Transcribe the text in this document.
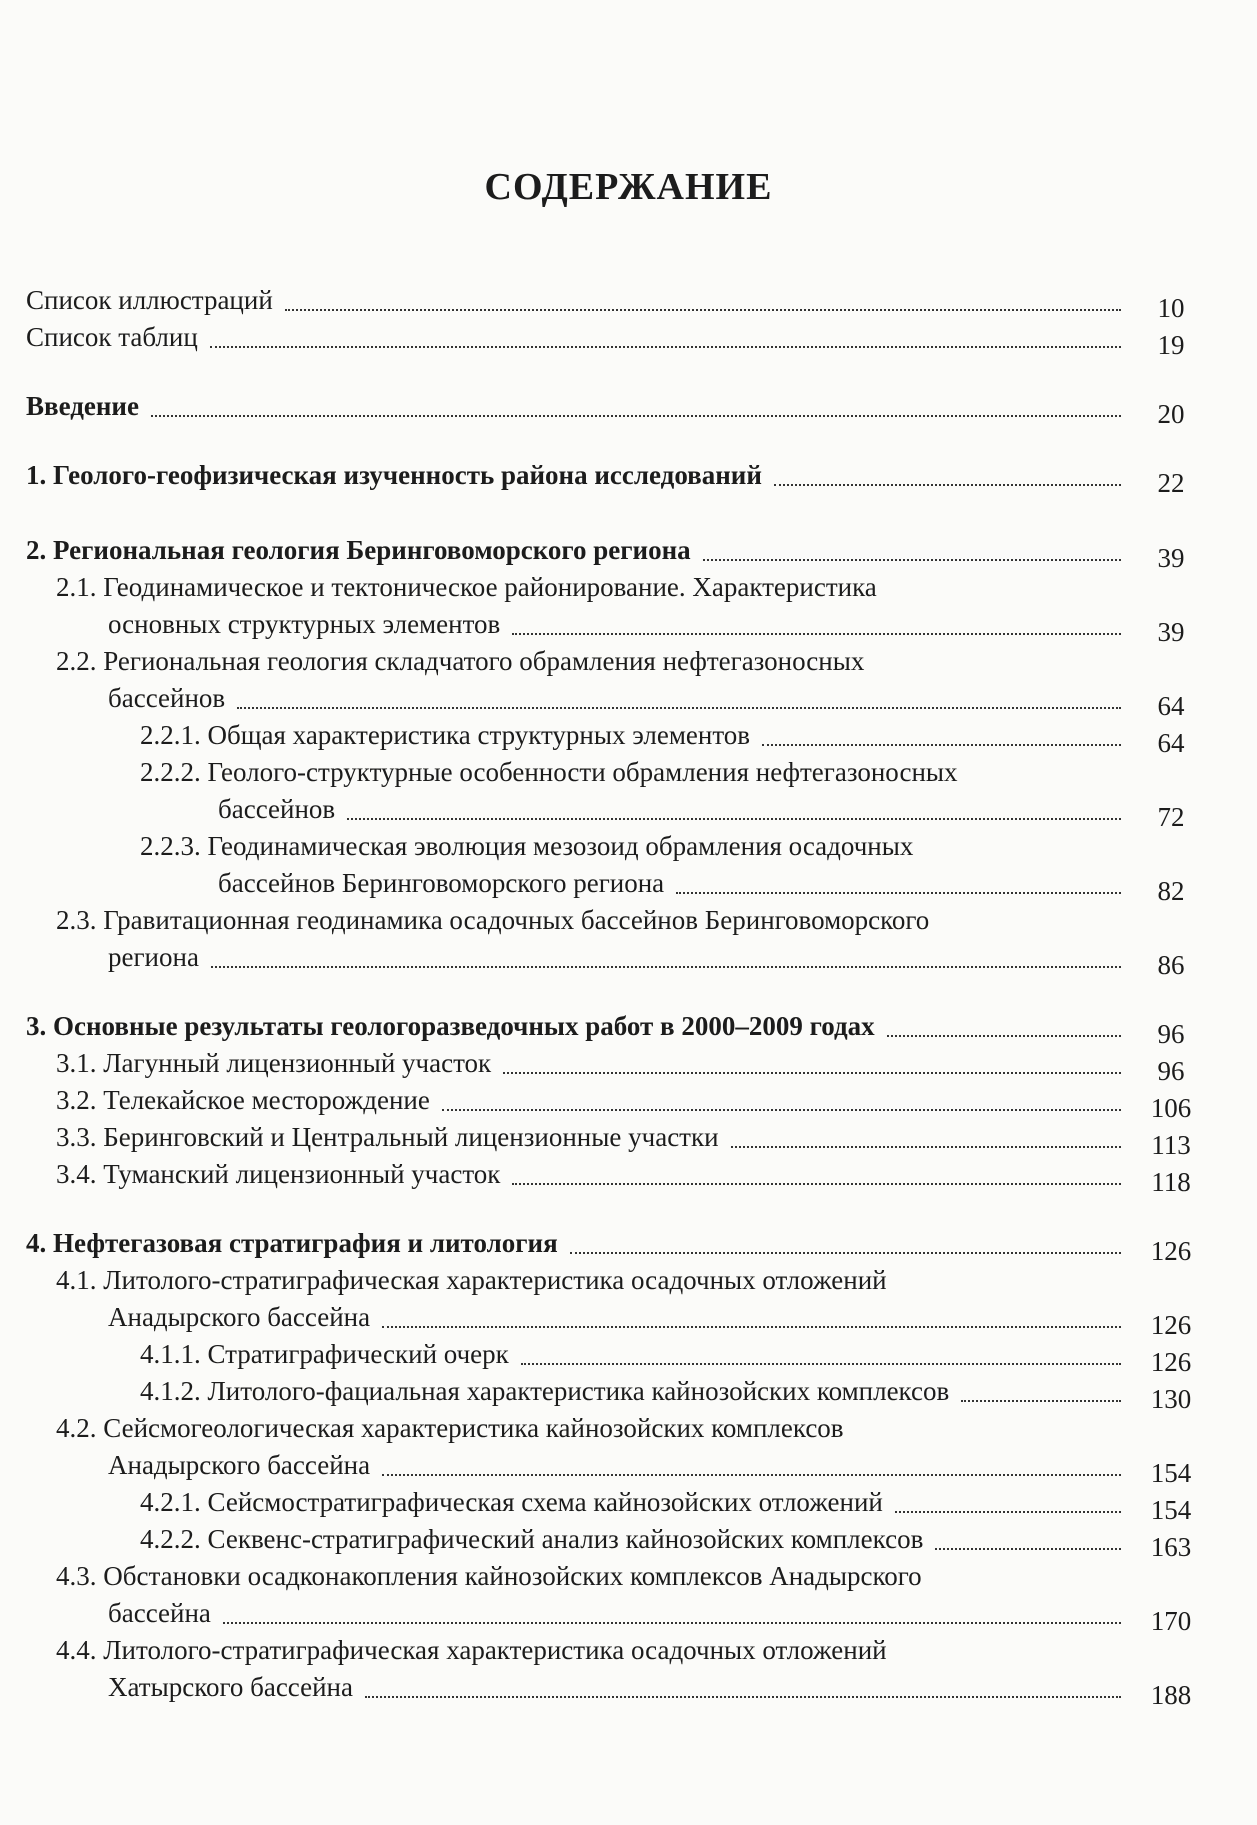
СОДЕРЖАНИЕ
Список иллюстраций	10
Список таблиц	19
Введение	20
1. Геолого-геофизическая изученность района исследований	22
2. Региональная геология Беринговоморского региона	39
2.1. Геодинамическое и тектоническое районирование. Характеристика
основных структурных элементов	39
2.2. Региональная геология складчатого обрамления нефтегазоносных
бассейнов	64
2.2.1. Общая характеристика структурных элементов	64
2.2.2. Геолого-структурные особенности обрамления нефтегазоносных
бассейнов	72
2.2.3. Геодинамическая эволюция мезозоид обрамления осадочных
бассейнов Беринговоморского региона	82
2.3. Гравитационная геодинамика осадочных бассейнов Беринговоморского
региона	86
3. Основные результаты геологоразведочных работ в 2000–2009 годах	96
3.1. Лагунный лицензионный участок	96
3.2. Телекайское месторождение	106
3.3. Беринговский и Центральный лицензионные участки	113
3.4. Туманский лицензионный участок	118
4. Нефтегазовая стратиграфия и литология	126
4.1. Литолого-стратиграфическая характеристика осадочных отложений
Анадырского бассейна	126
4.1.1. Стратиграфический очерк	126
4.1.2. Литолого-фациальная характеристика кайнозойских комплексов	130
4.2. Сейсмогеологическая характеристика кайнозойских комплексов
Анадырского бассейна	154
4.2.1. Сейсмостратиграфическая схема кайнозойских отложений	154
4.2.2. Секвенс-стратиграфический анализ кайнозойских комплексов	163
4.3. Обстановки осадконакопления кайнозойских комплексов Анадырского
бассейна	170
4.4. Литолого-стратиграфическая характеристика осадочных отложений
Хатырского бассейна	188
